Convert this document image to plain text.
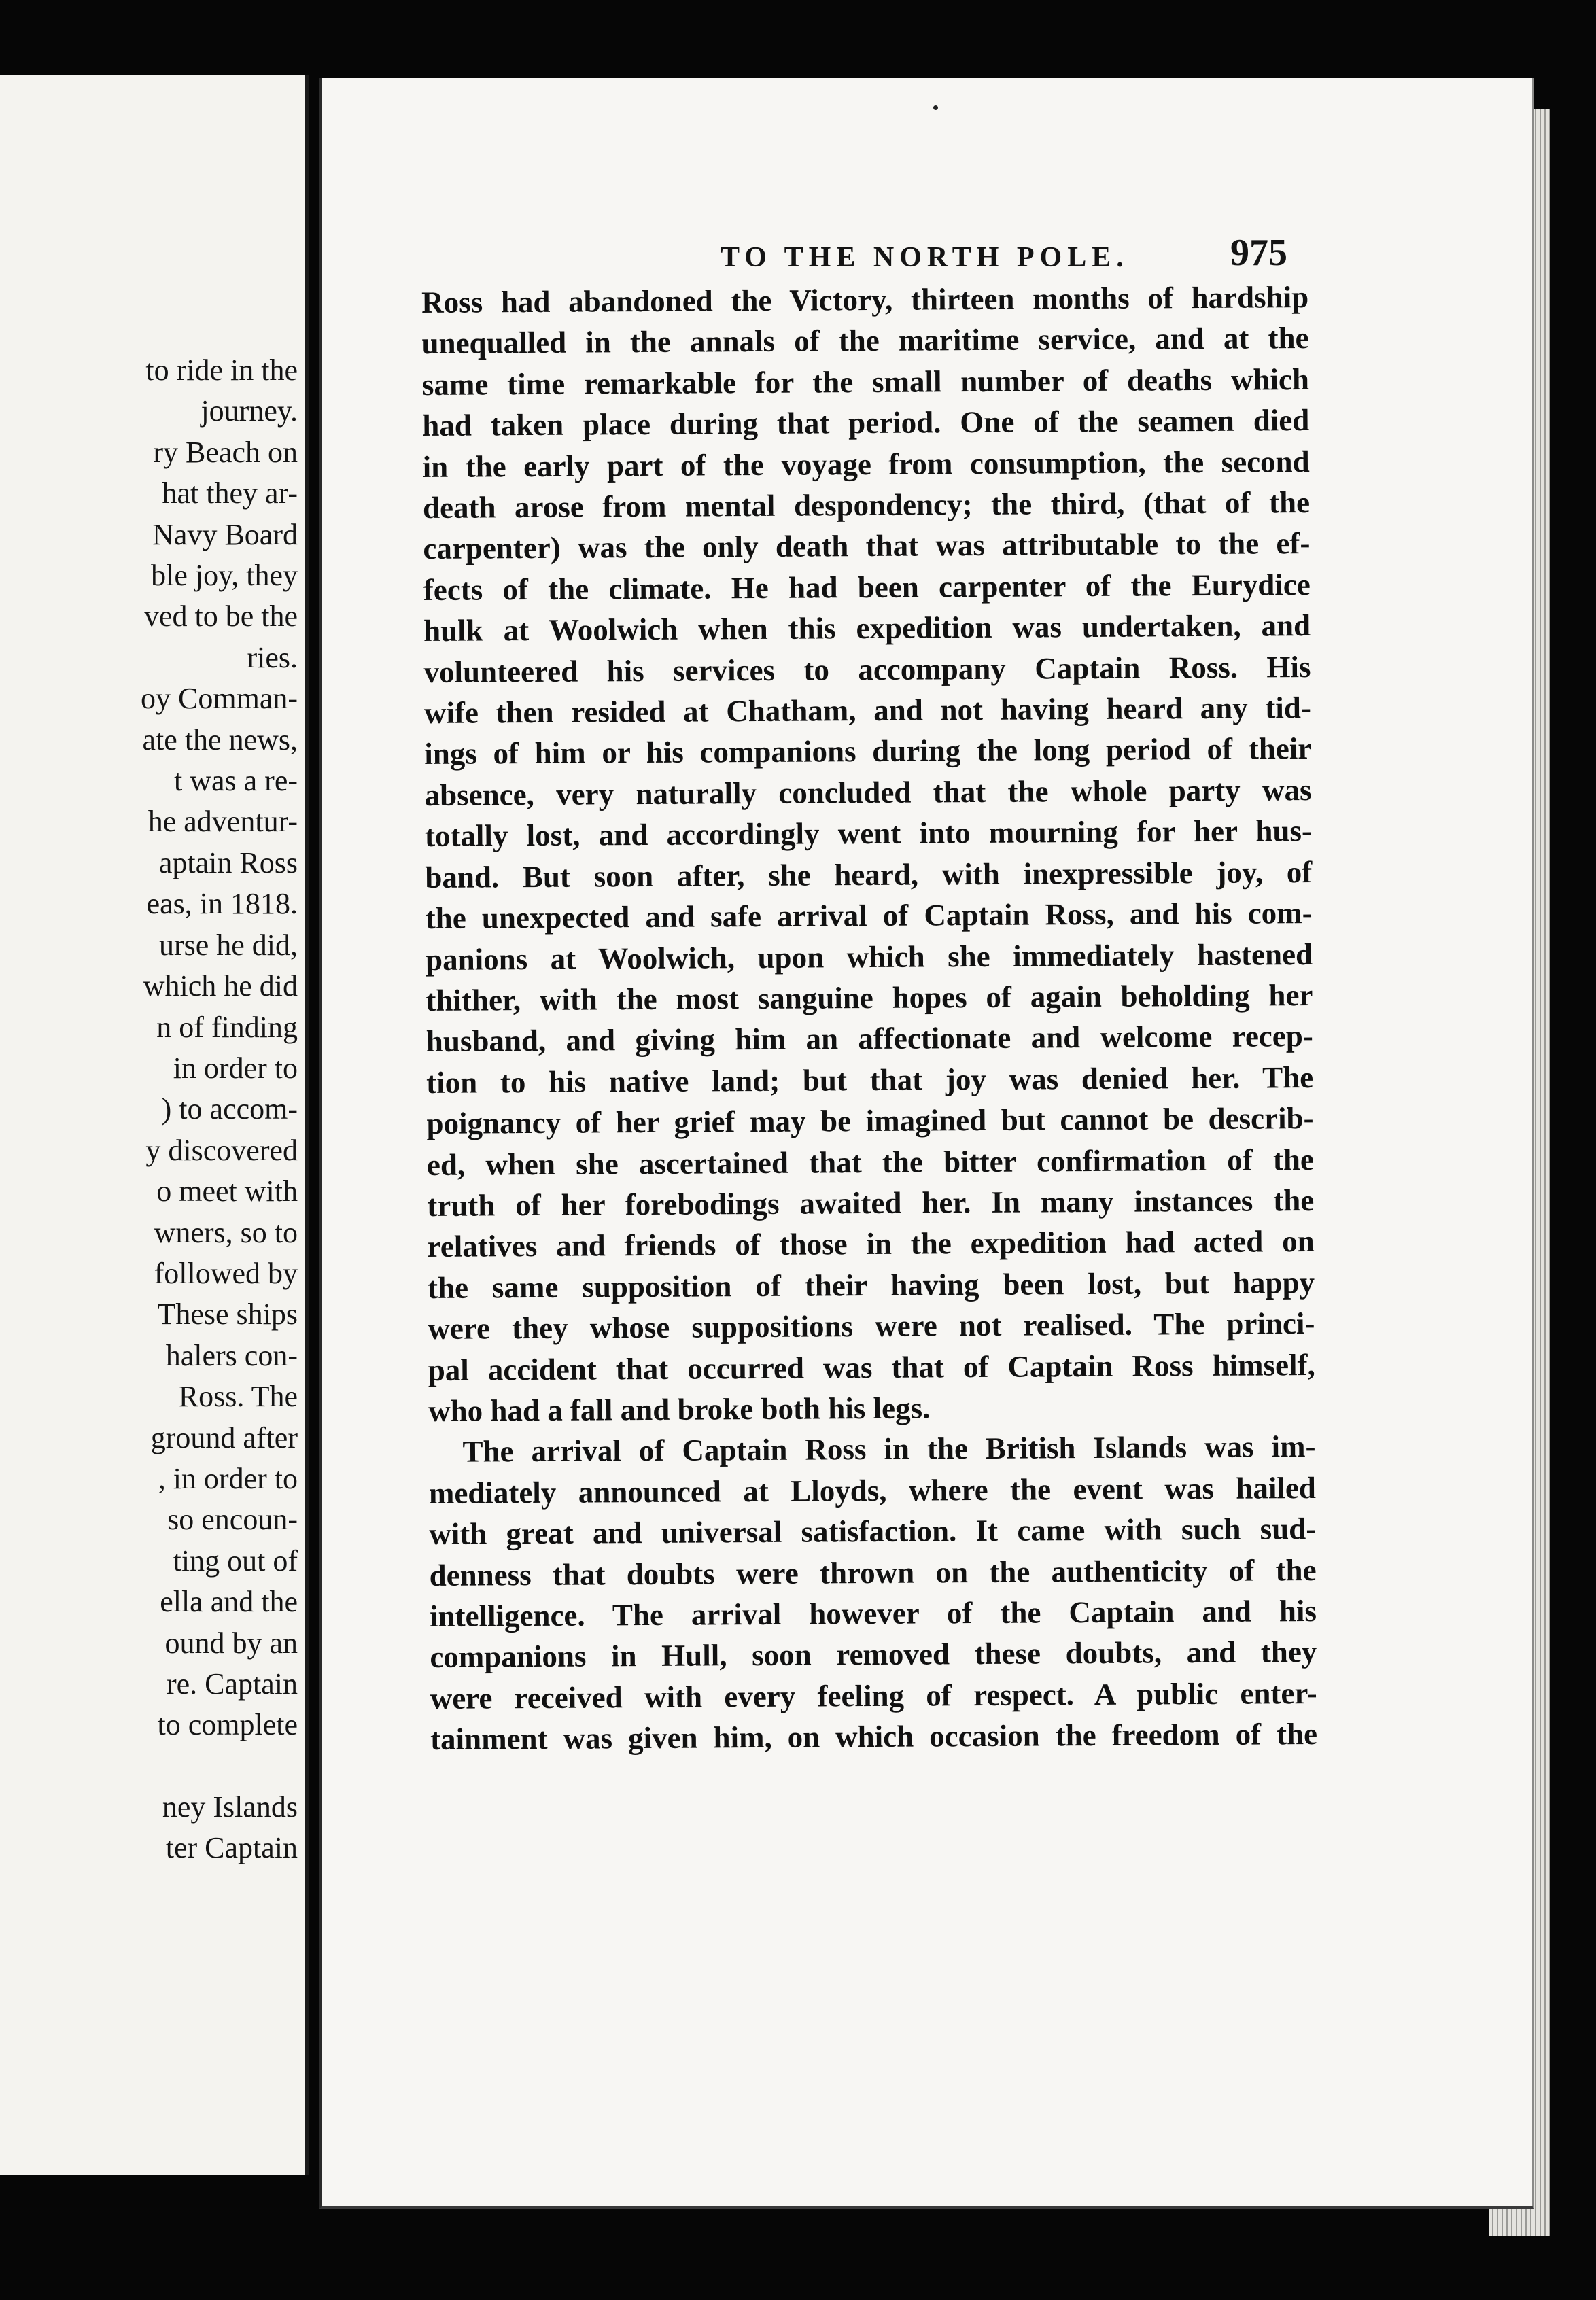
to ride in the
journey.
ry Beach on
hat they ar-
Navy Board
ble joy, they
ved to be the
ries.
oy Comman-
ate the news,
t was a re-
he adventur-
aptain Ross
eas, in 1818.
urse he did,
which he did
n of finding
in order to
) to accom-
y discovered
o meet with
wners, so to
followed by
These ships
halers con-
Ross. The
ground after
, in order to
so encoun-
ting out of
ella and the
ound by an
re. Captain
to complete
ney Islands
ter Captain
TO THE NORTH POLE.	975
Ross had abandoned the Victory, thirteen months of hardship
unequalled in the annals of the maritime service, and at the
same time remarkable for the small number of deaths which
had taken place during that period. One of the seamen died
in the early part of the voyage from consumption, the second
death arose from mental despondency; the third, (that of the
carpenter) was the only death that was attributable to the ef-
fects of the climate. He had been carpenter of the Eurydice
hulk at Woolwich when this expedition was undertaken, and
volunteered his services to accompany Captain Ross. His
wife then resided at Chatham, and not having heard any tid-
ings of him or his companions during the long period of their
absence, very naturally concluded that the whole party was
totally lost, and accordingly went into mourning for her hus-
band. But soon after, she heard, with inexpressible joy, of
the unexpected and safe arrival of Captain Ross, and his com-
panions at Woolwich, upon which she immediately hastened
thither, with the most sanguine hopes of again beholding her
husband, and giving him an affectionate and welcome recep-
tion to his native land; but that joy was denied her. The
poignancy of her grief may be imagined but cannot be describ-
ed, when she ascertained that the bitter confirmation of the
truth of her forebodings awaited her. In many instances the
relatives and friends of those in the expedition had acted on
the same supposition of their having been lost, but happy
were they whose suppositions were not realised. The princi-
pal accident that occurred was that of Captain Ross himself,
who had a fall and broke both his legs.
The arrival of Captain Ross in the British Islands was im-
mediately announced at Lloyds, where the event was hailed
with great and universal satisfaction. It came with such sud-
denness that doubts were thrown on the authenticity of the
intelligence. The arrival however of the Captain and his
companions in Hull, soon removed these doubts, and they
were received with every feeling of respect. A public enter-
tainment was given him, on which occasion the freedom of the
